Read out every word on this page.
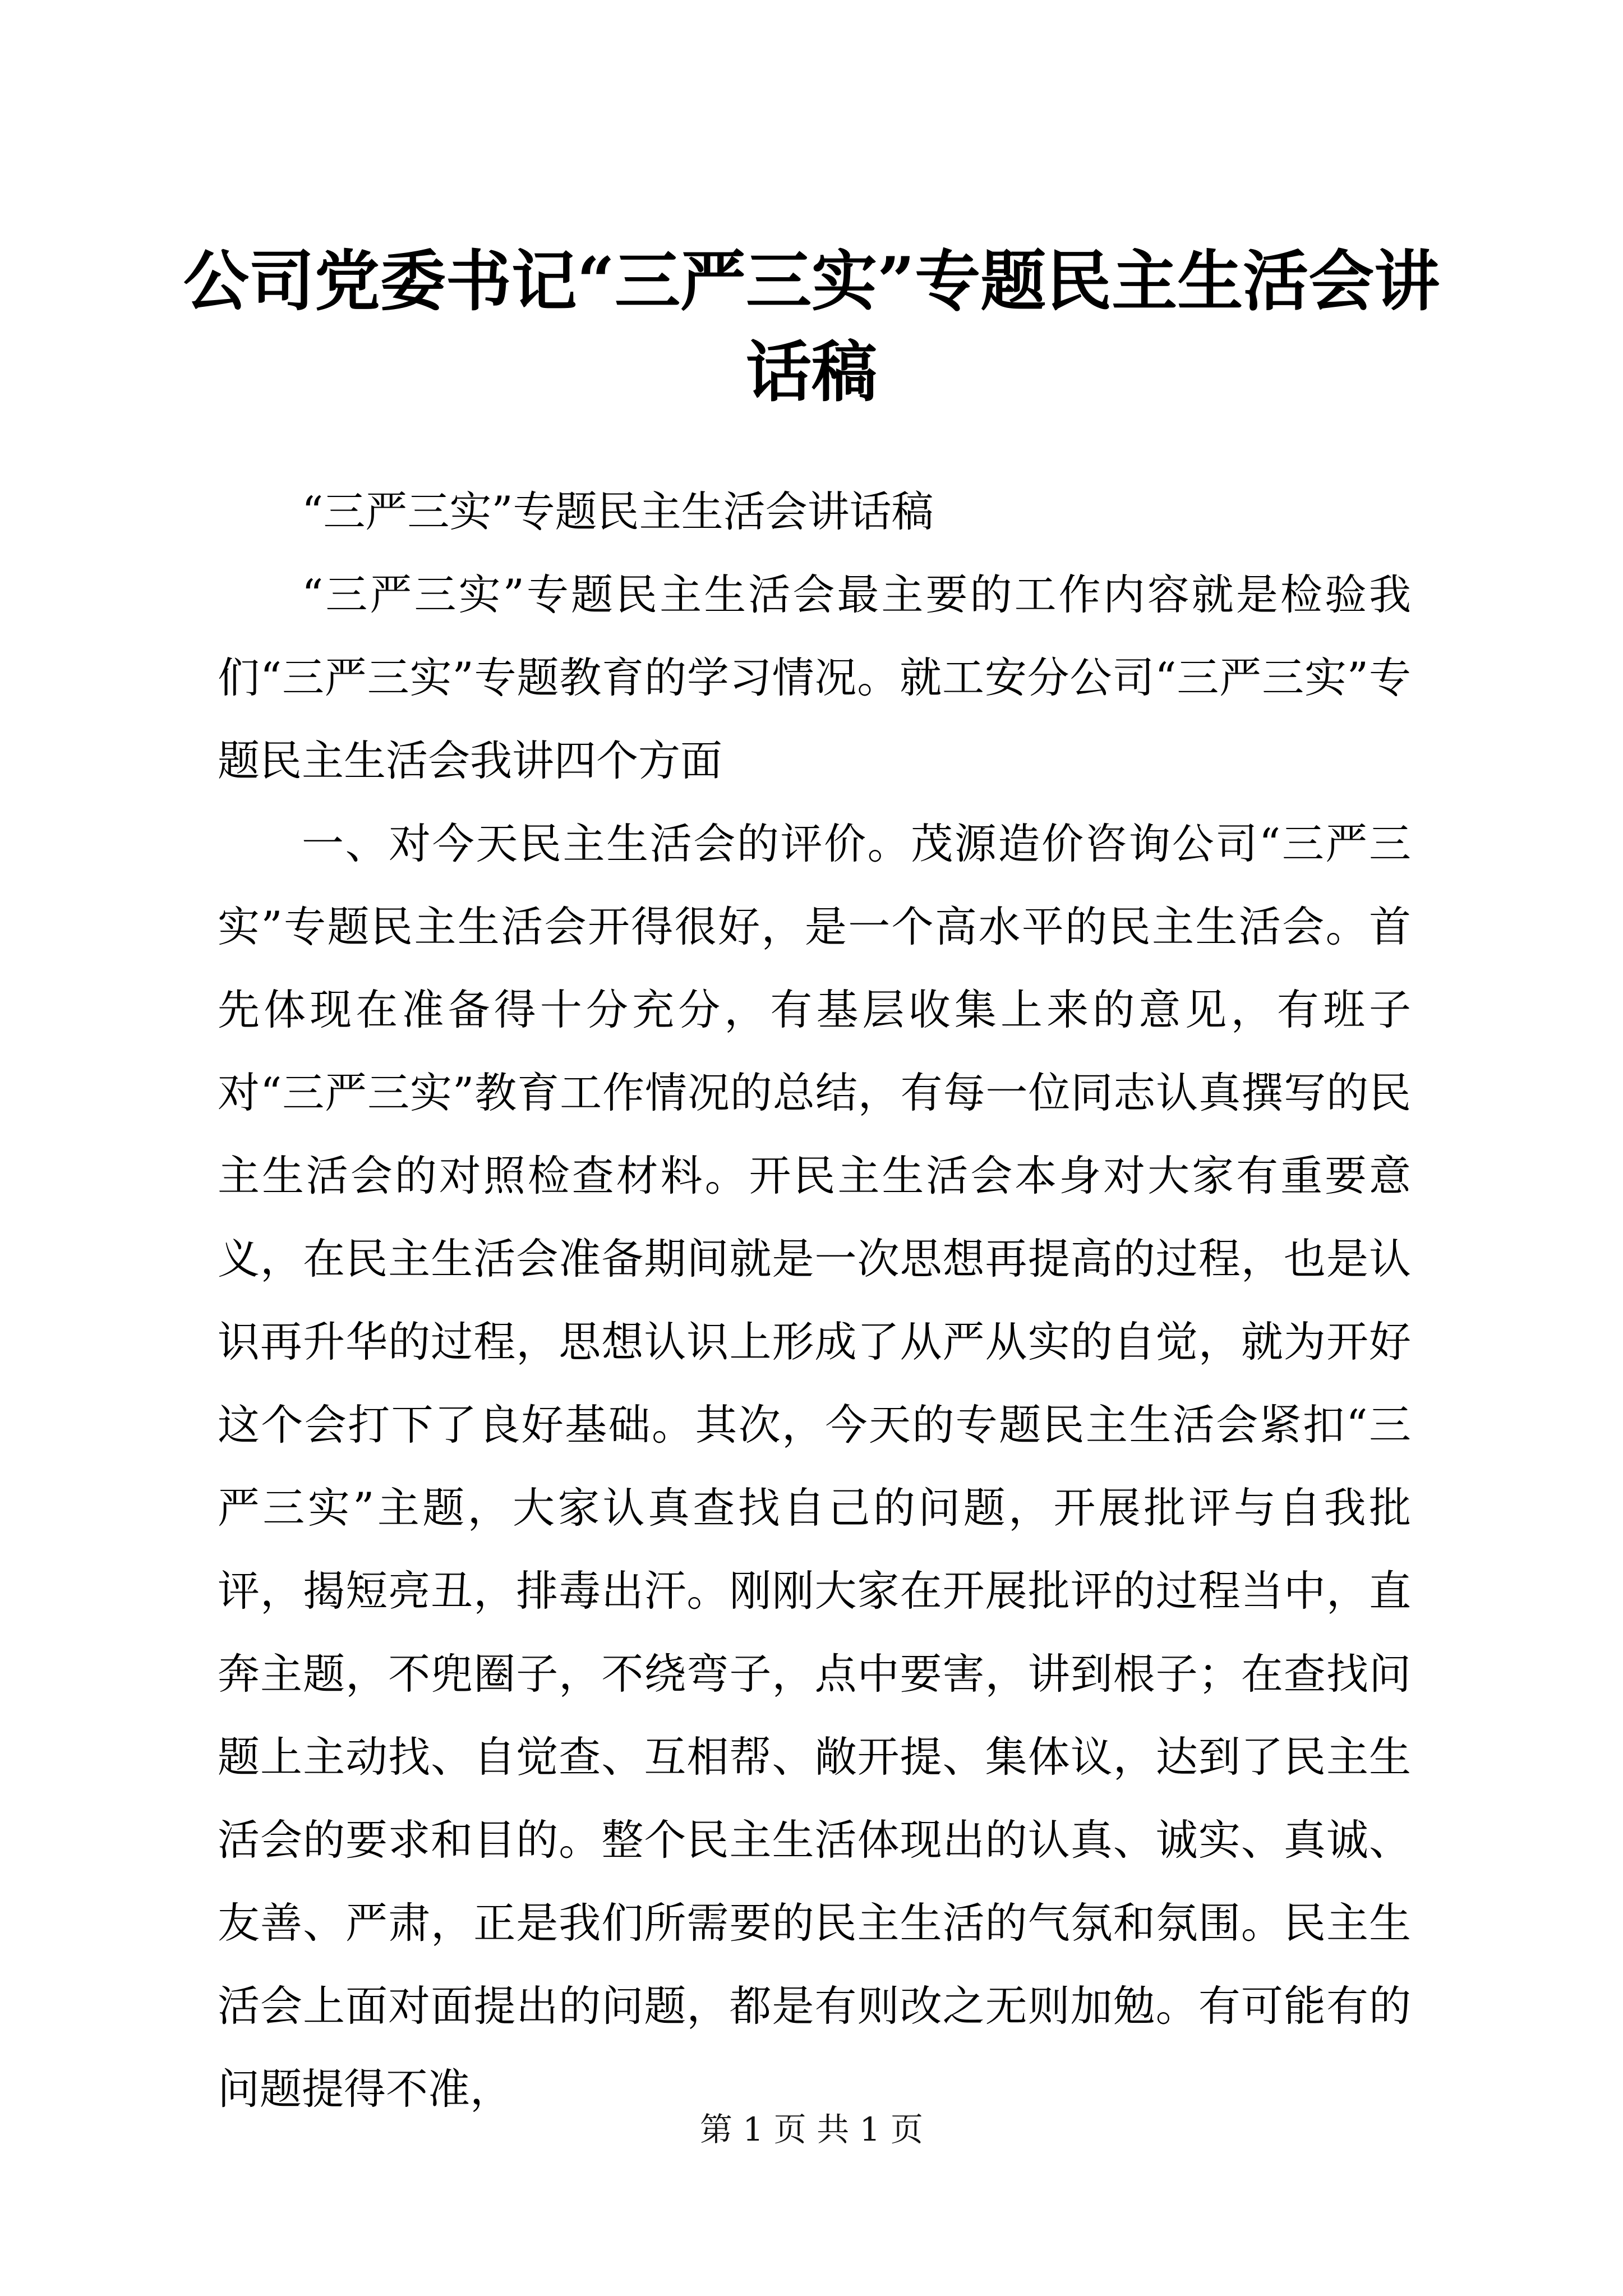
公司党委书记“三严三实”专题民主生活会讲话稿

“三严三实”专题民主生活会讲话稿

“三严三实”专题民主生活会最主要的工作内容就是检验我们“三严三实”专题教育的学习情况。就工安分公司“三严三实”专题民主生活会我讲四个方面

一、对今天民主生活会的评价。茂源造价咨询公司“三严三实”专题民主生活会开得很好，是一个高水平的民主生活会。首先体现在准备得十分充分，有基层收集上来的意见，有班子对“三严三实”教育工作情况的总结，有每一位同志认真撰写的民主生活会的对照检查材料。开民主生活会本身对大家有重要意义，在民主生活会准备期间就是一次思想再提高的过程，也是认识再升华的过程，思想认识上形成了从严从实的自觉，就为开好这个会打下了良好基础。其次，今天的专题民主生活会紧扣“三严三实”主题，大家认真查找自己的问题，开展批评与自我批评，揭短亮丑，排毒出汗。刚刚大家在开展批评的过程当中，直奔主题，不兜圈子，不绕弯子，点中要害，讲到根子；在查找问题上主动找、自觉查、互相帮、敞开提、集体议，达到了民主生活会的要求和目的。整个民主生活体现出的认真、诚实、真诚、友善、严肃，正是我们所需要的民主生活的气氛和氛围。民主生活会上面对面提出的问题，都是有则改之无则加勉。有可能有的问题提得不准，

第 1 页 共 1 页
